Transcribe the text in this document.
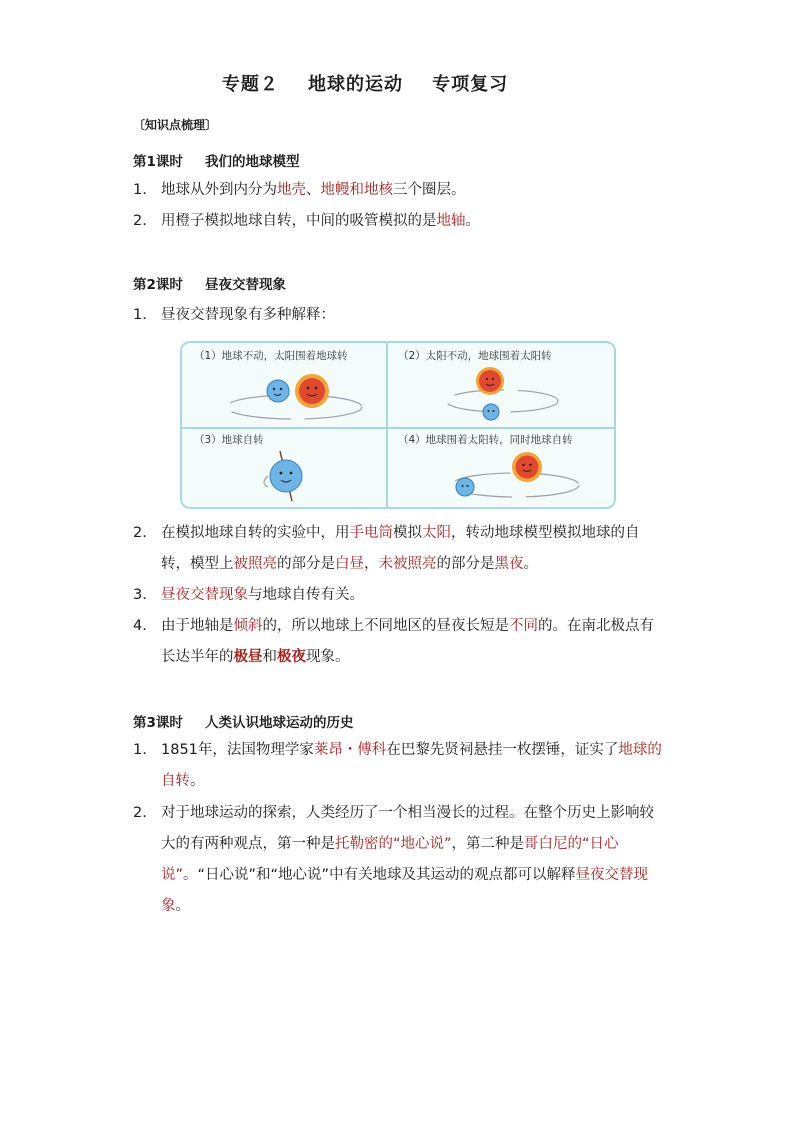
专题２ 地球的运动 专项复习
〔知识点梳理〕
第1课时 我们的地球模型
1. 地球从外到内分为地壳、地幔和地核三个圈层。
2. 用橙子模拟地球自转，中间的吸管模拟的是地轴。
第2课时 昼夜交替现象
1. 昼夜交替现象有多种解释：
（1）地球不动，太阳围着地球转	（2）太阳不动，地球围着太阳转
（3）地球自转	（4）地球围着太阳转，同时地球自转
2. 在模拟地球自转的实验中，用手电筒模拟太阳，转动地球模型模拟地球的自转，模型上被照亮的部分是白昼，未被照亮的部分是黑夜。
3. 昼夜交替现象与地球自传有关。
4. 由于地轴是倾斜的，所以地球上不同地区的昼夜长短是不同的。在南北极点有长达半年的极昼和极夜现象。
第3课时 人类认识地球运动的历史
1. 1851年，法国物理学家莱昂・傅科在巴黎先贤祠悬挂一枚摆锤，证实了地球的自转。
2. 对于地球运动的探索，人类经历了一个相当漫长的过程。在整个历史上影响较大的有两种观点，第一种是托勒密的“地心说”，第二种是哥白尼的“日心说”。“日心说”和“地心说”中有关地球及其运动的观点都可以解释昼夜交替现象。
